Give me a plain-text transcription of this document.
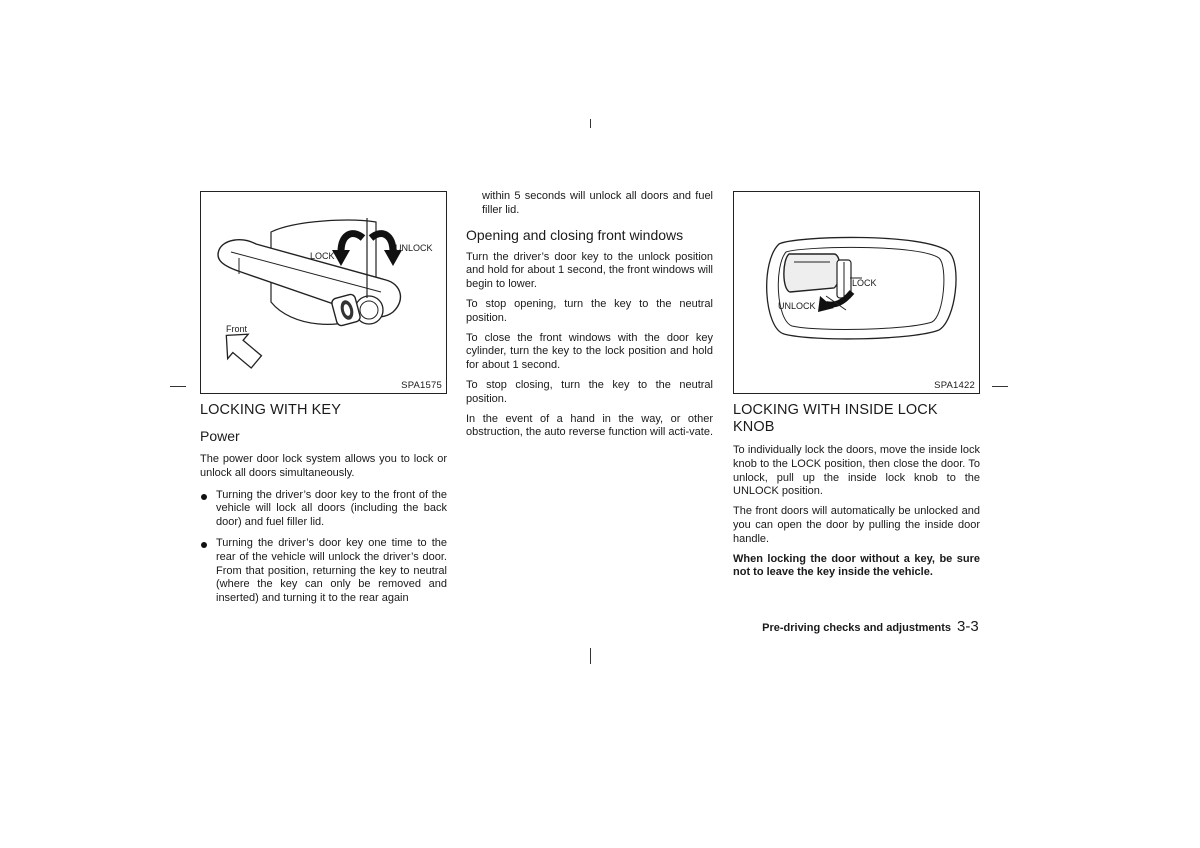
LOCK
UNLOCK
Front
SPA1575
LOCKING WITH KEY
Power

The power door lock system allows you to lock or unlock all doors simultaneously.

Turning the driver’s door key to the front of the vehicle will lock all doors (including the back door) and fuel filler lid.
Turning the driver’s door key one time to the rear of the vehicle will unlock the driver’s door. From that position, returning the key to neutral (where the key can only be removed and inserted) and turning it to the rear again

within 5 seconds will unlock all doors and fuel filler lid.

Opening and closing front windows

Turn the driver’s door key to the unlock position and hold for about 1 second, the front windows will begin to lower.

To stop opening, turn the key to the neutral position.

To close the front windows with the door key cylinder, turn the key to the lock position and hold for about 1 second.

To stop closing, turn the key to the neutral position.

In the event of a hand in the way, or other obstruction, the auto reverse function will acti-vate.

LOCK
UNLOCK
SPA1422
LOCKING WITH INSIDE LOCK KNOB

To individually lock the doors, move the inside lock knob to the LOCK position, then close the door. To unlock, pull up the inside lock knob to the UNLOCK position.

The front doors will automatically be unlocked and you can open the door by pulling the inside door handle.

When locking the door without a key, be sure not to leave the key inside the vehicle.

Pre-driving checks and adjustments 3-3
